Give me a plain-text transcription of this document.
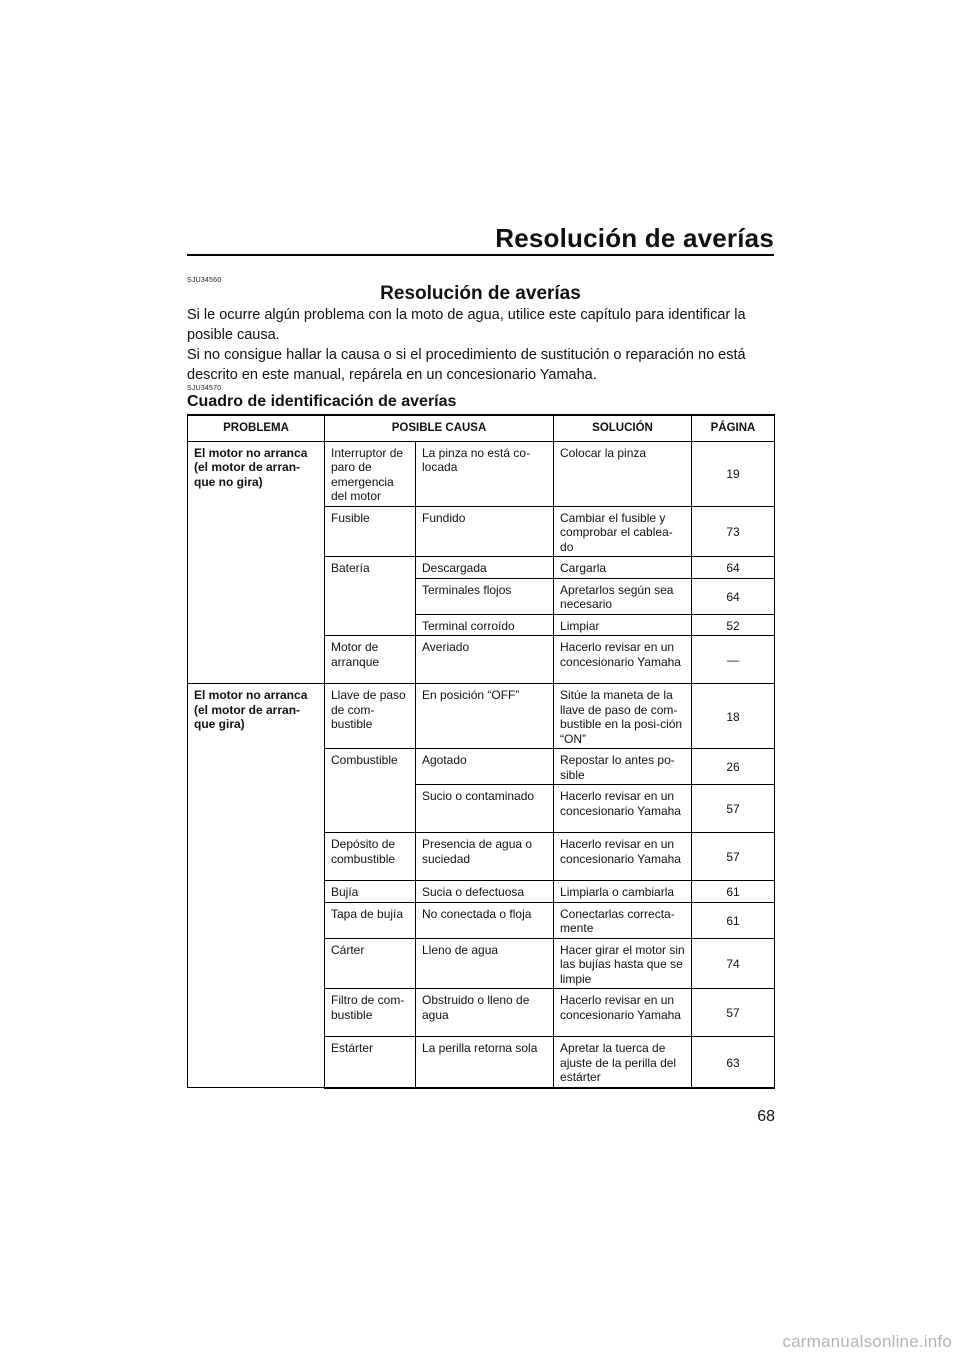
Resolución de averías
SJU34560
Resolución de averías

Si le ocurre algún problema con la moto de agua, utilice este capítulo para identificar la posible causa.

Si no consigue hallar la causa o si el procedimiento de sustitución o reparación no está descrito en este manual, repárela en un concesionario Yamaha.

SJU34570
Cuadro de identificación de averías
PROBLEMA	POSIBLE CAUSA		SOLUCIÓN	PÁGINA
El motor no arranca (el motor de arran-que no gira)	Interruptor de paro de emergencia del motor	La pinza no está co-locada	Colocar la pinza	19
	Fusible	Fundido	Cambiar el fusible y comprobar el cablea-do	73
	Batería	Descargada	Cargarla	64
		Terminales flojos	Apretarlos según sea necesario	64
		Terminal corroído	Limpiar	52
	Motor de arranque	Averiado	Hacerlo revisar en un concesionario Yamaha	—
El motor no arranca (el motor de arran-que gira)	Llave de paso de com-bustible	En posición “OFF”	Sitúe la maneta de la llave de paso de com-bustible en la posi-ción “ON”	18
	Combustible	Agotado	Repostar lo antes po-sible	26
		Sucio o contaminado	Hacerlo revisar en un concesionario Yamaha	57
	Depósito de combustible	Presencia de agua o suciedad	Hacerlo revisar en un concesionario Yamaha	57
	Bujía	Sucia o defectuosa	Limpiarla o cambiarla	61
	Tapa de bujía	No conectada o floja	Conectarlas correcta-mente	61
	Cárter	Lleno de agua	Hacer girar el motor sin las bujías hasta que se limpie	74
	Filtro de com-bustible	Obstruido o lleno de agua	Hacerlo revisar en un concesionario Yamaha	57
	Estárter	La perilla retorna sola	Apretar la tuerca de ajuste de la perilla del estárter	63
68
carmanualsonline.info
